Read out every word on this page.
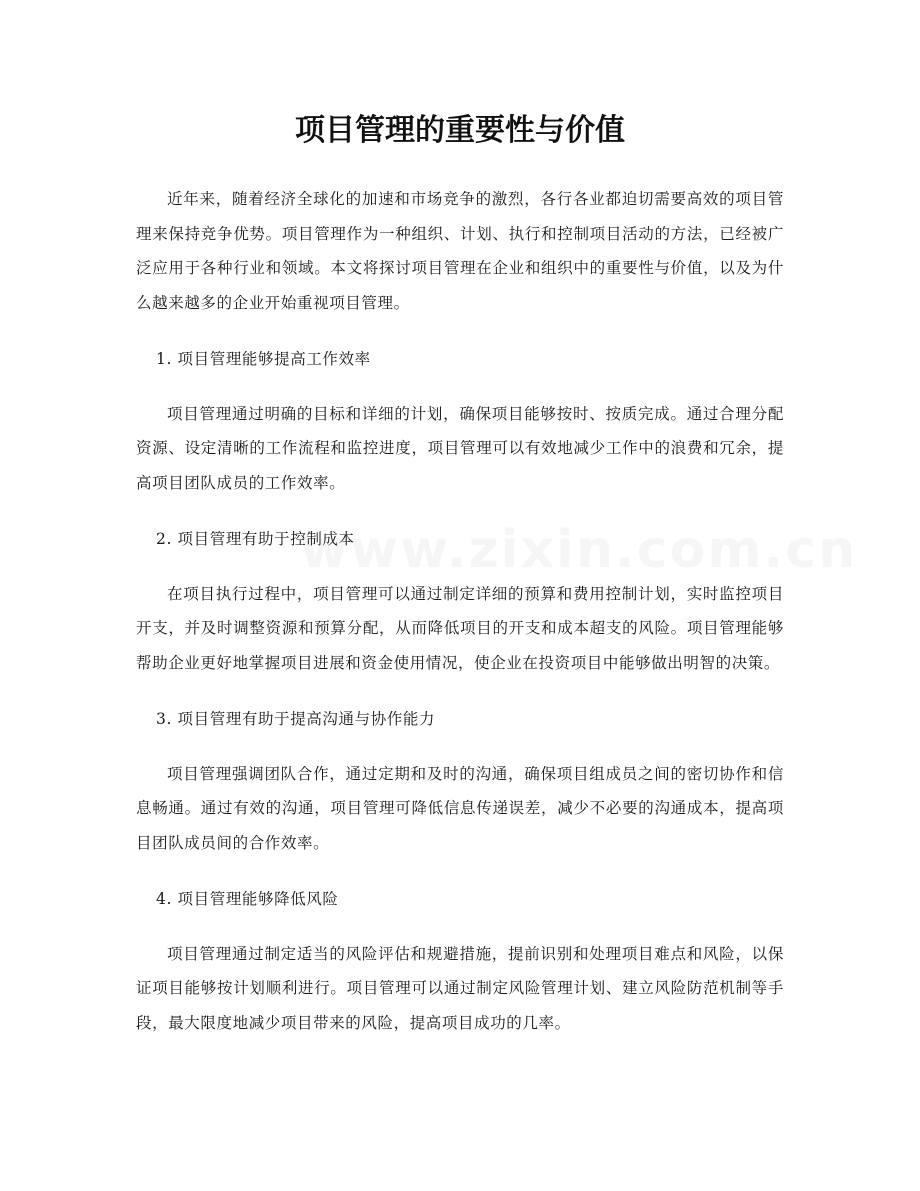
项目管理的重要性与价值
www.zixin.com.cn

近年来，随着经济全球化的加速和市场竞争的激烈，各行各业都迫切需要高效的项目管理来保持竞争优势。项目管理作为一种组织、计划、执行和控制项目活动的方法，已经被广泛应用于各种行业和领域。本文将探讨项目管理在企业和组织中的重要性与价值，以及为什么越来越多的企业开始重视项目管理。

1. 项目管理能够提高工作效率

项目管理通过明确的目标和详细的计划，确保项目能够按时、按质完成。通过合理分配资源、设定清晰的工作流程和监控进度，项目管理可以有效地减少工作中的浪费和冗余，提高项目团队成员的工作效率。

2. 项目管理有助于控制成本

在项目执行过程中，项目管理可以通过制定详细的预算和费用控制计划，实时监控项目开支，并及时调整资源和预算分配，从而降低项目的开支和成本超支的风险。项目管理能够帮助企业更好地掌握项目进展和资金使用情况，使企业在投资项目中能够做出明智的决策。

3. 项目管理有助于提高沟通与协作能力

项目管理强调团队合作，通过定期和及时的沟通，确保项目组成员之间的密切协作和信息畅通。通过有效的沟通，项目管理可降低信息传递误差，减少不必要的沟通成本，提高项目团队成员间的合作效率。

4. 项目管理能够降低风险

项目管理通过制定适当的风险评估和规避措施，提前识别和处理项目难点和风险，以保证项目能够按计划顺利进行。项目管理可以通过制定风险管理计划、建立风险防范机制等手段，最大限度地减少项目带来的风险，提高项目成功的几率。
